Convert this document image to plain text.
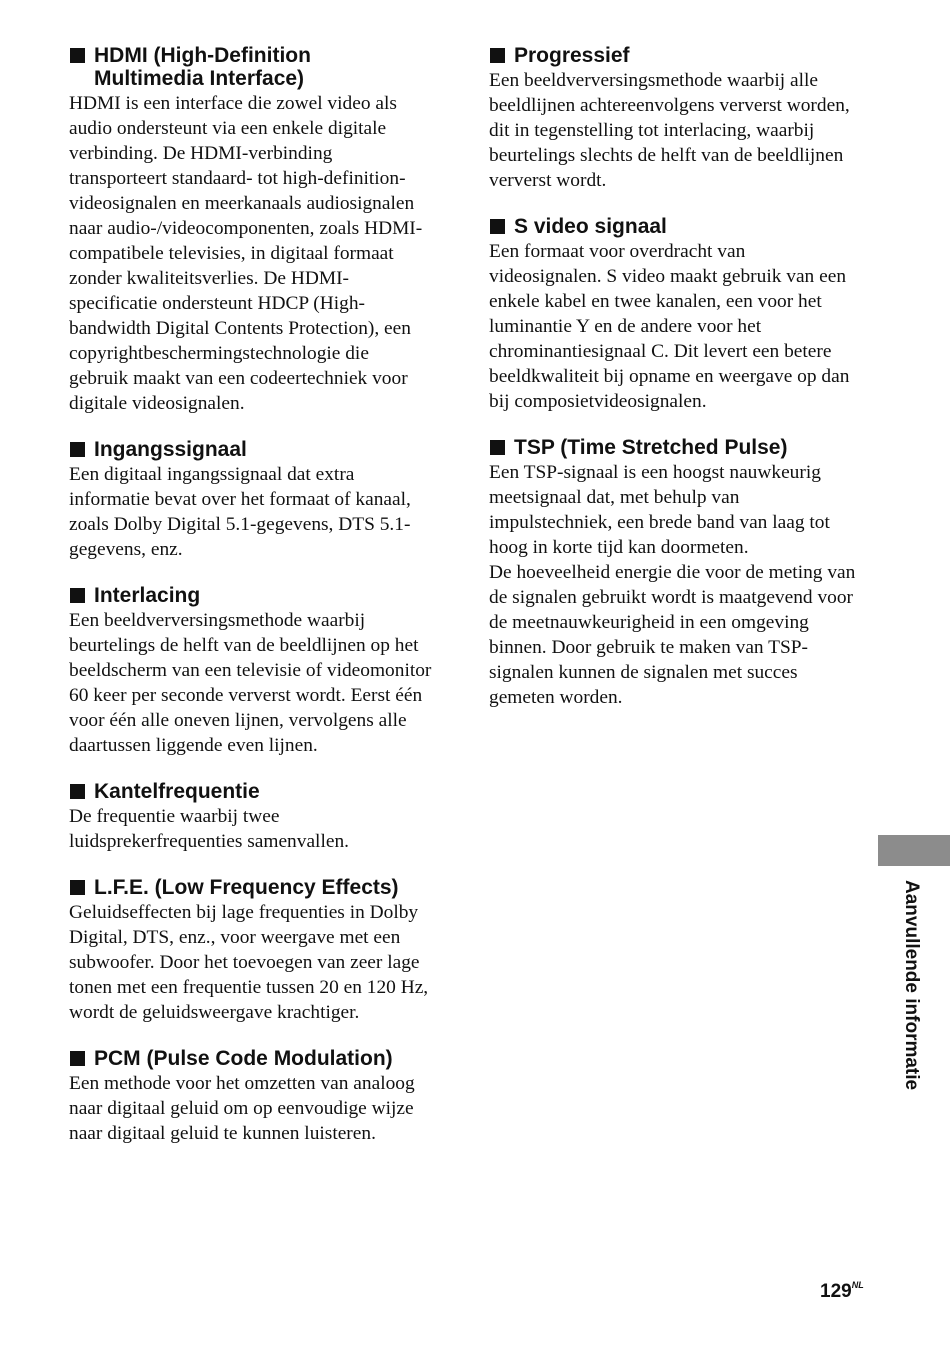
HDMI (High-Definition
Multimedia Interface)

HDMI is een interface die zowel video als
audio ondersteunt via een enkele digitale
verbinding. De HDMI-verbinding
transporteert standaard- tot high-definition-
videosignalen en meerkanaals audiosignalen
naar audio-/videocomponenten, zoals HDMI-
compatibele televisies, in digitaal formaat
zonder kwaliteitsverlies. De HDMI-
specificatie ondersteunt HDCP (High-
bandwidth Digital Contents Protection), een
copyrightbeschermingstechnologie die
gebruik maakt van een codeertechniek voor
digitale videosignalen.

Ingangssignaal

Een digitaal ingangssignaal dat extra
informatie bevat over het formaat of kanaal,
zoals Dolby Digital 5.1-gegevens, DTS 5.1-
gegevens, enz.

Interlacing

Een beeldverversingsmethode waarbij
beurtelings de helft van de beeldlijnen op het
beeldscherm van een televisie of videomonitor
60 keer per seconde ververst wordt. Eerst één
voor één alle oneven lijnen, vervolgens alle
daartussen liggende even lijnen.

Kantelfrequentie

De frequentie waarbij twee
luidsprekerfrequenties samenvallen.

L.F.E. (Low Frequency Effects)

Geluidseffecten bij lage frequenties in Dolby
Digital, DTS, enz., voor weergave met een
subwoofer. Door het toevoegen van zeer lage
tonen met een frequentie tussen 20 en 120 Hz,
wordt de geluidsweergave krachtiger.

PCM (Pulse Code Modulation)

Een methode voor het omzetten van analoog
naar digitaal geluid om op eenvoudige wijze
naar digitaal geluid te kunnen luisteren.

Progressief

Een beeldverversingsmethode waarbij alle
beeldlijnen achtereenvolgens ververst worden,
dit in tegenstelling tot interlacing, waarbij
beurtelings slechts de helft van de beeldlijnen
ververst wordt.

S video signaal

Een formaat voor overdracht van
videosignalen. S video maakt gebruik van een
enkele kabel en twee kanalen, een voor het
luminantie Y en de andere voor het
chrominantiesignaal C. Dit levert een betere
beeldkwaliteit bij opname en weergave op dan
bij composietvideosignalen.

TSP (Time Stretched Pulse)

Een TSP-signaal is een hoogst nauwkeurig
meetsignaal dat, met behulp van
impulstechniek, een brede band van laag tot
hoog in korte tijd kan doormeten.
De hoeveelheid energie die voor de meting van
de signalen gebruikt wordt is maatgevend voor
de meetnauwkeurigheid in een omgeving
binnen. Door gebruik te maken van TSP-
signalen kunnen de signalen met succes
gemeten worden.

Aanvullende informatie
$129^{NL}$
